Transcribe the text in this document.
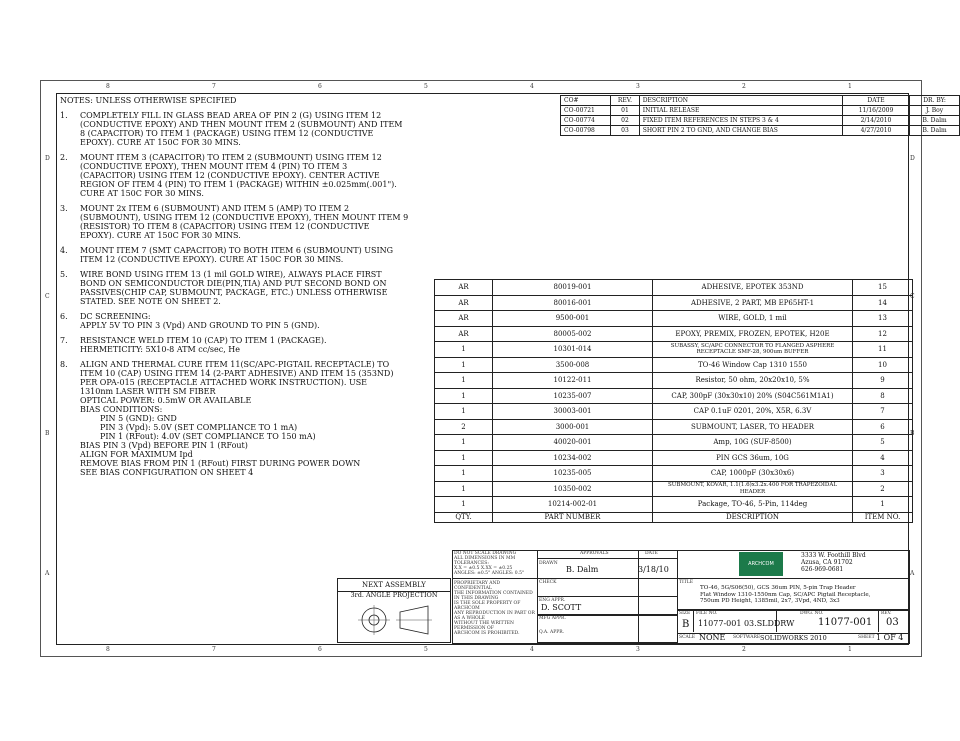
8	7	6	5	4	3	2	1
8	7	6	5	4	3	2	1
D
C
B
A
D
C
B
A
NOTES: UNLESS OTHERWISE SPECIFIED
1.	COMPLETELY FILL IN GLASS BEAD AREA OF PIN 2 (G) USING ITEM 12
(CONDUCTIVE EPOXY) AND THEN MOUNT ITEM 2 (SUBMOUNT) AND ITEM
8 (CAPACITOR) TO ITEM 1 (PACKAGE) USING ITEM 12 (CONDUCTIVE
EPOXY). CURE AT 150C FOR 30 MINS.
2.	MOUNT ITEM 3 (CAPACITOR) TO ITEM 2 (SUBMOUNT) USING ITEM 12
(CONDUCTIVE EPOXY), THEN MOUNT ITEM 4 (PIN) TO ITEM 3
(CAPACITOR) USING ITEM 12 (CONDUCTIVE EPOXY). CENTER ACTIVE
REGION OF ITEM 4 (PIN) TO ITEM 1 (PACKAGE) WITHIN ±0.025mm(.001").
CURE AT 150C FOR 30 MINS.
3.	MOUNT 2x ITEM 6 (SUBMOUNT) AND ITEM 5 (AMP) TO ITEM 2
(SUBMOUNT), USING ITEM 12 (CONDUCTIVE EPOXY), THEN MOUNT ITEM 9
(RESISTOR) TO ITEM 8 (CAPACITOR) USING ITEM 12 (CONDUCTIVE
EPOXY). CURE AT 150C FOR 30 MINS.
4.	MOUNT ITEM 7 (SMT CAPACITOR) TO BOTH ITEM 6 (SUBMOUNT) USING
ITEM 12 (CONDUCTIVE EPOXY). CURE AT 150C FOR 30 MINS.
5.	WIRE BOND USING ITEM 13 (1 mil GOLD WIRE), ALWAYS PLACE FIRST
BOND ON SEMICONDUCTOR DIE(PIN,TIA) AND PUT SECOND BOND ON
PASSIVES(CHIP CAP, SUBMOUNT, PACKAGE, ETC.) UNLESS OTHERWISE
STATED. SEE NOTE ON SHEET 2.
6.	DC SCREENING:
APPLY 5V TO PIN 3 (Vpd) AND GROUND TO PIN 5 (GND).
7.	RESISTANCE WELD ITEM 10 (CAP) TO ITEM 1 (PACKAGE).
HERMETICITY: 5X10-8 ATM cc/sec, He
8.	ALIGN AND THERMAL CURE ITEM 11(SC/APC-PIGTAIL RECEPTACLE) TO
ITEM 10 (CAP) USING ITEM 14 (2-PART ADHESIVE) AND ITEM 15 (353ND)
PER OPA-015 (RECEPTACLE ATTACHED WORK INSTRUCTION). USE
1310nm LASER WITH SM FIBER
OPTICAL POWER: 0.5mW OR AVAILABLE
BIAS CONDITIONS:
PIN 5 (GND): GND
PIN 3 (Vpd): 5.0V (SET COMPLIANCE TO 1 mA)
PIN 1 (RFout): 4.0V (SET COMPLIANCE TO 150 mA)
BIAS PIN 3 (Vpd) BEFORE PIN 1 (RFout)
ALIGN FOR MAXIMUM Ipd
REMOVE BIAS FROM PIN 1 (RFout) FIRST DURING POWER DOWN
SEE BIAS CONFIGURATION ON SHEET 4
CO#	REV.	DESCRIPTION	DATE	DR. BY:
CO-00721	01	INITIAL RELEASE	11/16/2009	J. Boy
CO-00774	02	FIXED ITEM REFERENCES IN STEPS 3 & 4	2/14/2010	B. Dalm
CO-00798	03	SHORT PIN 2 TO GND, AND CHANGE BIAS	4/27/2010	B. Dalm
AR	80019-001	ADHESIVE, EPOTEK 353ND	15
AR	80016-001	ADHESIVE, 2 PART, MB EP65HT-1	14
AR	9500-001	WIRE, GOLD, 1 mil	13
AR	80005-002	EPOXY, PREMIX, FROZEN, EPOTEK, H20E	12
1	10301-014	SUBASSY, SC/APC CONNECTOR TO FLANGED ASPHERE RECEPTACLE SMF-28, 900um BUFFER	11
1	3500-008	TO-46 Window Cap 1310 1550	10
1	10122-011	Resistor, 50 ohm, 20x20x10, 5%	9
1	10235-007	CAP, 300pF (30x30x10) 20% (S04C561M1A1)	8
1	30003-001	CAP 0.1uF 0201, 20%, X5R, 6.3V	7
2	3000-001	SUBMOUNT, LASER, TO HEADER	6
1	40020-001	Amp, 10G (SUF-8500)	5
1	10234-002	PIN GCS 36um, 10G	4
1	10235-005	CAP, 1000pF (30x30x6)	3
1	10350-002	SUBMOUNT, KOVAR, 1.1(1.6)x3.2x.400 FOR TRAPEZOIDAL HEADER	2
1	10214-002-01	Package, TO-46, 5-Pin, 114deg	1
QTY.	PART NUMBER	DESCRIPTION	ITEM NO.
DO NOT SCALE DRAWING
ALL DIMENSIONS IN MM
TOLERANCES:
X.X = ±0.5 X.XX = ±0.25
ANGLES: ±0.5° ANGLES: 0.5°
PROPRIETARY AND CONFIDENTIAL
THE INFORMATION CONTAINED IN THIS DRAWING
IS THE SOLE PROPERTY OF ARCHCOM
ANY REPRODUCTION IN PART OR AS A WHOLE
WITHOUT THE WRITTEN PERMISSION OF
ARCHCOM IS PROHIBITED.
APPROVALS	DATE
DRAWN
B. Dalm	3/18/10
CHECK
ENG APPR.
D. SCOTT
MFG APPR.
Q.A. APPR.
ARCHCOM
3333 W. Foothill Blvd
Azusa, CA 91702
626-969-0681
TITLE
TO-46, 5G/S06(50), GCS 36um PIN, 5-pin Trap Header
Flat Window 1310-1550nm Cap, SC/APC Pigtail Receptacle,
750um PD Height, 1385mil, 2x7, 3Vpd, 4ND, 3x3
SIZE
B
FILE NO.
11077-001 03.SLDDRW
DWG. NO.
11077-001
REV.
03
SCALE NONE SOFTWARE SOLIDWORKS 2010	SHEET 1 OF 4
NEXT ASSEMBLY
3rd. ANGLE PROJECTION
